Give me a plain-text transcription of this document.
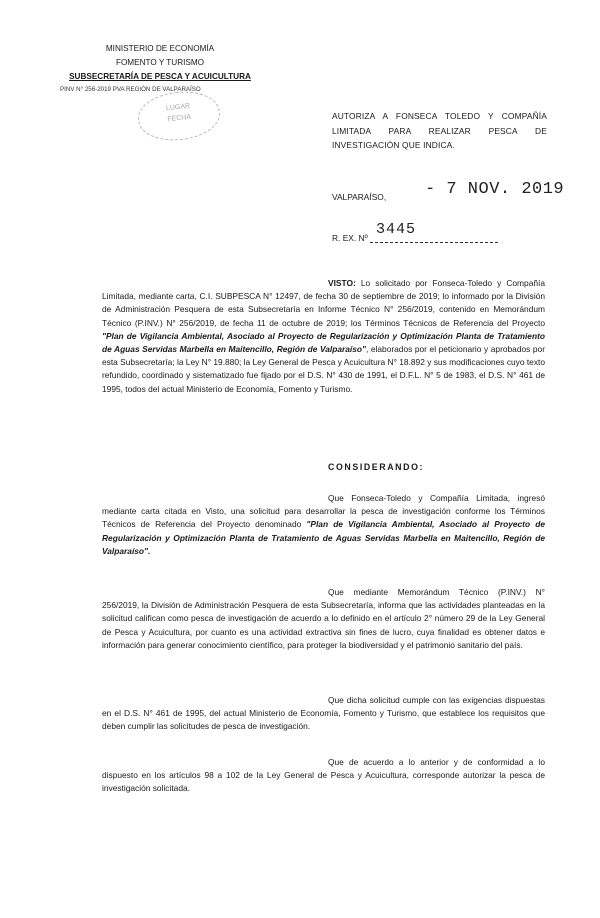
MINISTERIO DE ECONOMÍA
FOMENTO Y TURISMO
SUBSECRETARÍA DE PESCA Y ACUICULTURA
PINV N° 256-2019 PVA REGIÓN DE VALPARAÍSO
LUGAR
FECHA	AUTORIZA A FONSECA TOLEDO Y COMPAÑÍA LIMITADA PARA REALIZAR PESCA DE INVESTIGACIÓN QUE INDICA.
VALPARAÍSO, - 7 NOV. 2019
R. EX. Nº 3445
VISTO: Lo solicitado por Fonseca-Toledo y Compañía Limitada, mediante carta, C.I. SUBPESCA N° 12497, de fecha 30 de septiembre de 2019; lo informado por la División de Administración Pesquera de esta Subsecretaría en Informe Técnico N° 256/2019, contenido en Memorándum Técnico (P.INV.) N° 256/2019, de fecha 11 de octubre de 2019; los Términos Técnicos de Referencia del Proyecto "Plan de Vigilancia Ambiental, Asociado al Proyecto de Regularización y Optimización Planta de Tratamiento de Aguas Servidas Marbella en Maitencillo, Región de Valparaíso", elaborados por el peticionario y aprobados por esta Subsecretaría; la Ley N° 19.880; la Ley General de Pesca y Acuicultura N° 18.892 y sus modificaciones cuyo texto refundido, coordinado y sistematizado fue fijado por el D.S. N° 430 de 1991, el D.F.L. N° 5 de 1983, el D.S. N° 461 de 1995, todos del actual Ministerio de Economía, Fomento y Turismo.
CONSIDERANDO:
Que Fonseca-Toledo y Compañía Limitada, ingresó mediante carta citada en Visto, una solicitud para desarrollar la pesca de investigación conforme los Términos Técnicos de Referencia del Proyecto denominado "Plan de Vigilancia Ambiental, Asociado al Proyecto de Regularización y Optimización Planta de Tratamiento de Aguas Servidas Marbella en Maitencillo, Región de Valparaíso".
Que mediante Memorándum Técnico (P.INV.) N° 256/2019, la División de Administración Pesquera de esta Subsecretaría, informa que las actividades planteadas en la solicitud califican como pesca de investigación de acuerdo a lo definido en el artículo 2° número 29 de la Ley General de Pesca y Acuicultura, por cuanto es una actividad extractiva sin fines de lucro, cuya finalidad es obtener datos e información para generar conocimiento científico, para proteger la biodiversidad y el patrimonio sanitario del país.
Que dicha solicitud cumple con las exigencias dispuestas en el D.S. N° 461 de 1995, del actual Ministerio de Economía, Fomento y Turismo, que establece los requisitos que deben cumplir las solicitudes de pesca de investigación.
Que de acuerdo a lo anterior y de conformidad a lo dispuesto en los artículos 98 a 102 de la Ley General de Pesca y Acuicultura, corresponde autorizar la pesca de investigación solicitada.
